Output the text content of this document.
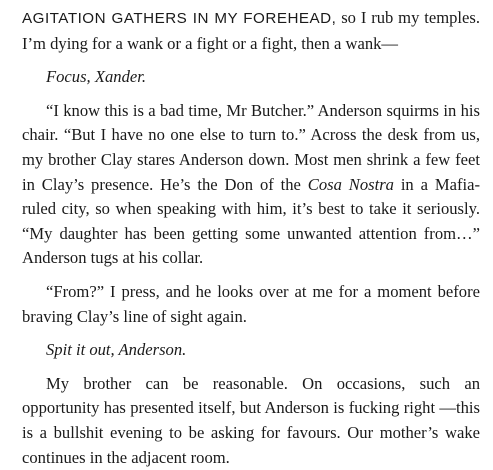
AGITATION GATHERS IN MY FOREHEAD, so I rub my temples. I’m dying for a wank or a fight or a fight, then a wank—

Focus, Xander.

“I know this is a bad time, Mr Butcher.” Anderson squirms in his chair. “But I have no one else to turn to.” Across the desk from us, my brother Clay stares Anderson down. Most men shrink a few feet in Clay’s presence. He’s the Don of the Cosa Nostra in a Mafia-ruled city, so when speaking with him, it’s best to take it seriously. “My daughter has been getting some unwanted attention from…” Anderson tugs at his collar.

“From?” I press, and he looks over at me for a moment before braving Clay’s line of sight again.

Spit it out, Anderson.

My brother can be reasonable. On occasions, such an opportunity has presented itself, but Anderson is fucking right —this is a bullshit evening to be asking for favours. Our mother’s wake continues in the adjacent room.
